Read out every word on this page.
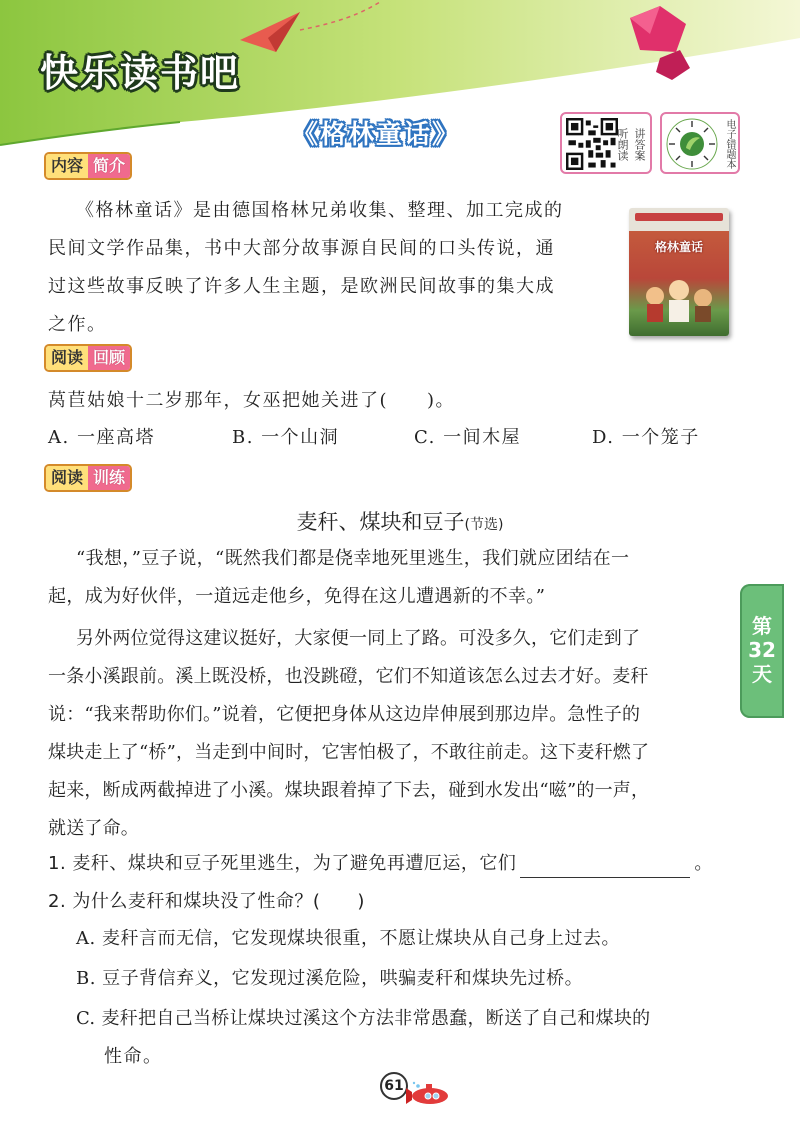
快乐读书吧
《格林童话》	讲答案
听朗读	电子错题本
内容 简介
《格林童话》是由德国格林兄弟收集、整理、加工完成的
民间文学作品集，书中大部分故事源自民间的口头传说，通
过这些故事反映了许多人生主题，是欧洲民间故事的集大成
之作。
格林童话
阅读 回顾
莴苣姑娘十二岁那年，女巫把她关进了(　　)。
A. 一座高塔	B. 一个山洞	C. 一间木屋	D. 一个笼子
阅读 训练
麦秆、煤块和豆子(节选)
“我想，”豆子说，“既然我们都是侥幸地死里逃生，我们就应团结在一
起，成为好伙伴，一道远走他乡，免得在这儿遭遇新的不幸。”
另外两位觉得这建议挺好，大家便一同上了路。可没多久，它们走到了
一条小溪跟前。溪上既没桥，也没跳磴，它们不知道该怎么过去才好。麦秆
说：“我来帮助你们。”说着，它便把身体从这边岸伸展到那边岸。急性子的
煤块走上了“桥”，当走到中间时，它害怕极了，不敢往前走。这下麦秆燃了
起来，断成两截掉进了小溪。煤块跟着掉了下去，碰到水发出“嗞”的一声，
就送了命。
1. 麦秆、煤块和豆子死里逃生，为了避免再遭厄运，它们	。
2. 为什么麦秆和煤块没了性命？(　　)
A. 麦秆言而无信，它发现煤块很重，不愿让煤块从自己身上过去。
B. 豆子背信弃义，它发现过溪危险，哄骗麦秆和煤块先过桥。
C. 麦秆把自己当桥让煤块过溪这个方法非常愚蠢，断送了自己和煤块的
性命。
第
32
天
61
